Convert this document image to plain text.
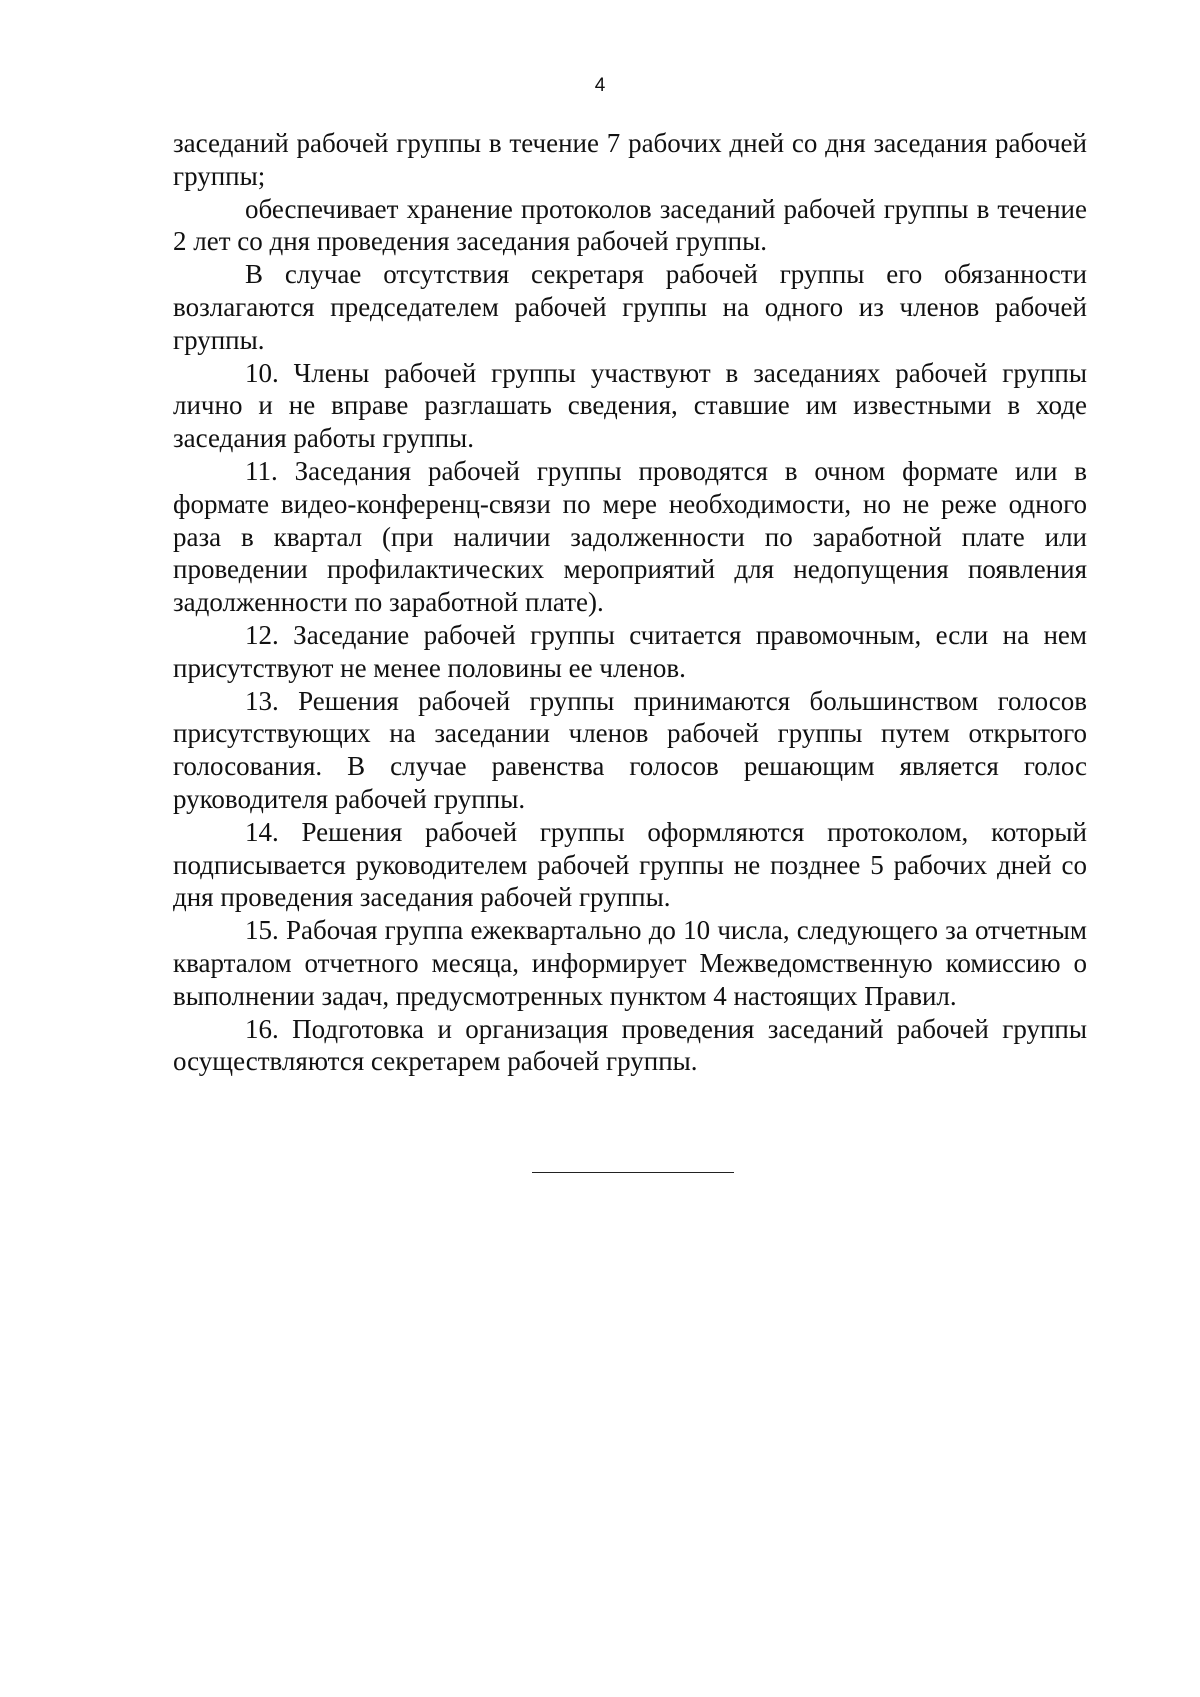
4

заседаний рабочей группы в течение 7 рабочих дней со дня заседания рабочей группы;

обеспечивает хранение протоколов заседаний рабочей группы в течение 2 лет со дня проведения заседания рабочей группы.

В случае отсутствия секретаря рабочей группы его обязанности возлагаются председателем рабочей группы на одного из членов рабочей группы.

10. Члены рабочей группы участвуют в заседаниях рабочей группы лично и не вправе разглашать сведения, ставшие им известными в ходе заседания работы группы.

11. Заседания рабочей группы проводятся в очном формате или в формате видео-конференц-связи по мере необходимости, но не реже одного раза в квартал (при наличии задолженности по заработной плате или проведении профилактических мероприятий для недопущения появления задолженности по заработной плате).

12. Заседание рабочей группы считается правомочным, если на нем присутствуют не менее половины ее членов.

13. Решения рабочей группы принимаются большинством голосов присутствующих на заседании членов рабочей группы путем открытого голосования. В случае равенства голосов решающим является голос руководителя рабочей группы.

14. Решения рабочей группы оформляются протоколом, который подписывается руководителем рабочей группы не позднее 5 рабочих дней со дня проведения заседания рабочей группы.

15. Рабочая группа ежеквартально до 10 числа, следующего за отчетным кварталом отчетного месяца, информирует Межведомственную комиссию о выполнении задач, предусмотренных пунктом 4 настоящих Правил.

16. Подготовка и организация проведения заседаний рабочей группы осуществляются секретарем рабочей группы.
